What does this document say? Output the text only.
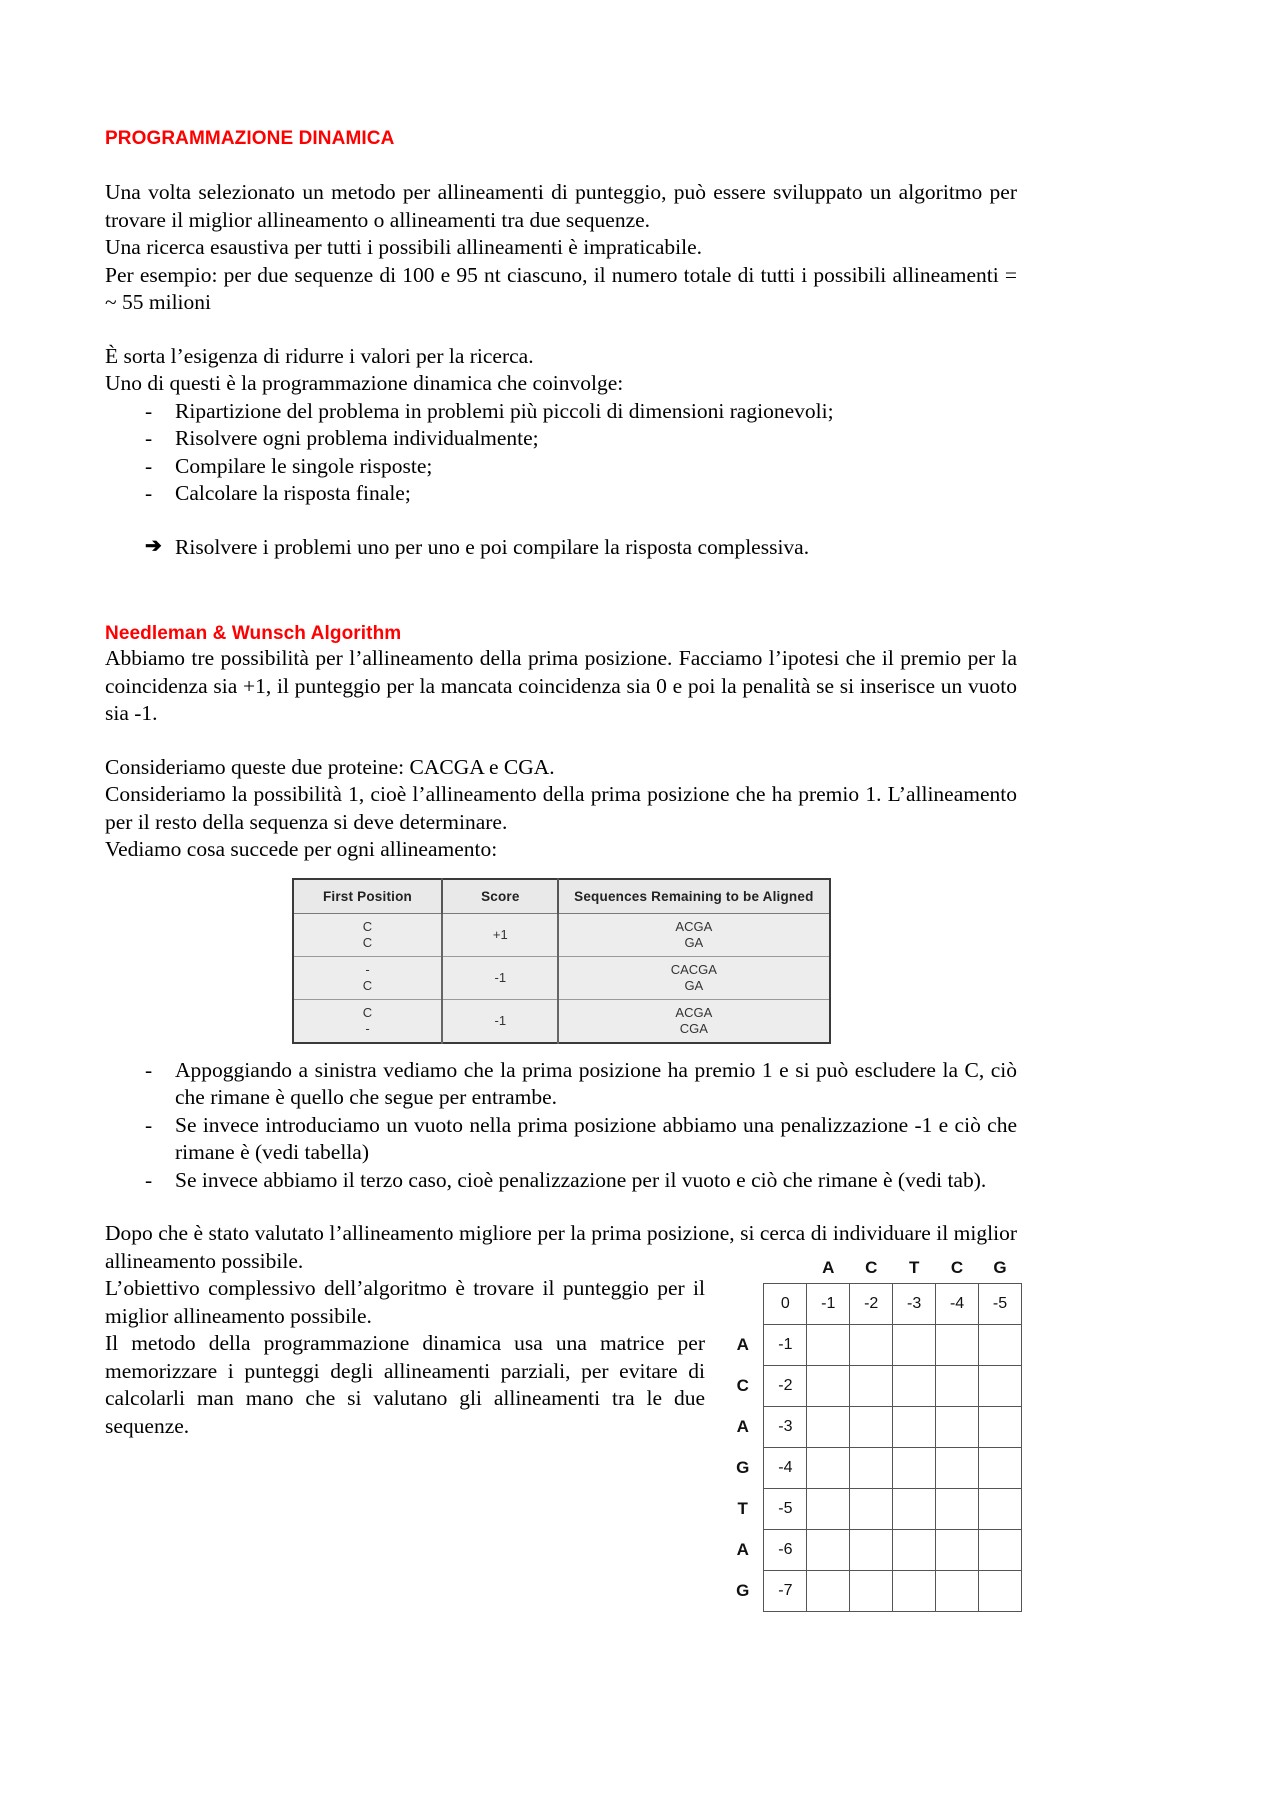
PROGRAMMAZIONE DINAMICA

Una volta selezionato un metodo per allineamenti di punteggio, può essere sviluppato un algoritmo per trovare il miglior allineamento o allineamenti tra due sequenze.

Una ricerca esaustiva per tutti i possibili allineamenti è impraticabile.

Per esempio: per due sequenze di 100 e 95 nt ciascuno, il numero totale di tutti i possibili allineamenti = ~ 55 milioni

È sorta l’esigenza di ridurre i valori per la ricerca.

Uno di questi è la programmazione dinamica che coinvolge:

- Ripartizione del problema in problemi più piccoli di dimensioni ragionevoli;
- Risolvere ogni problema individualmente;
- Compilare le singole risposte;
- Calcolare la risposta finale;
➔ Risolvere i problemi uno per uno e poi compilare la risposta complessiva.
Needleman & Wunsch Algorithm

Abbiamo tre possibilità per l’allineamento della prima posizione. Facciamo l’ipotesi che il premio per la coincidenza sia +1, il punteggio per la mancata coincidenza sia 0 e poi la penalità se si inserisce un vuoto sia -1.

Consideriamo queste due proteine: CACGA e CGA.

Consideriamo la possibilità 1, cioè l’allineamento della prima posizione che ha premio 1. L’allineamento per il resto della sequenza si deve determinare.

Vediamo cosa succede per ogni allineamento:

First Position	Score	Sequences Remaining to be Aligned

C
C	+1	ACGA
GA

-
C	-1	CACGA
GA

C
-	-1	ACGA
CGA
- Appoggiando a sinistra vediamo che la prima posizione ha premio 1 e si può escludere la C, ciò che rimane è quello che segue per entrambe.
- Se invece introduciamo un vuoto nella prima posizione abbiamo una penalizzazione -1 e ciò che rimane è (vedi tabella)
- Se invece abbiamo il terzo caso, cioè penalizzazione per il vuoto e ciò che rimane è (vedi tab).

Dopo che è stato valutato l’allineamento migliore per la prima posizione, si cerca di individuare il miglior allineamento possibile.

L’obiettivo complessivo dell’algoritmo è trovare il punteggio per il miglior allineamento possibile.

Il metodo della programmazione dinamica usa una matrice per memorizzare i punteggi degli allineamenti parziali, per evitare di calcolarli man mano che si valutano gli allineamenti tra le due sequenze.

		A	C	T	C	G
	0	-1	-2	-3	-4	-5
A	-1					
C	-2					
A	-3					
G	-4					
T	-5					
A	-6					
G	-7					
